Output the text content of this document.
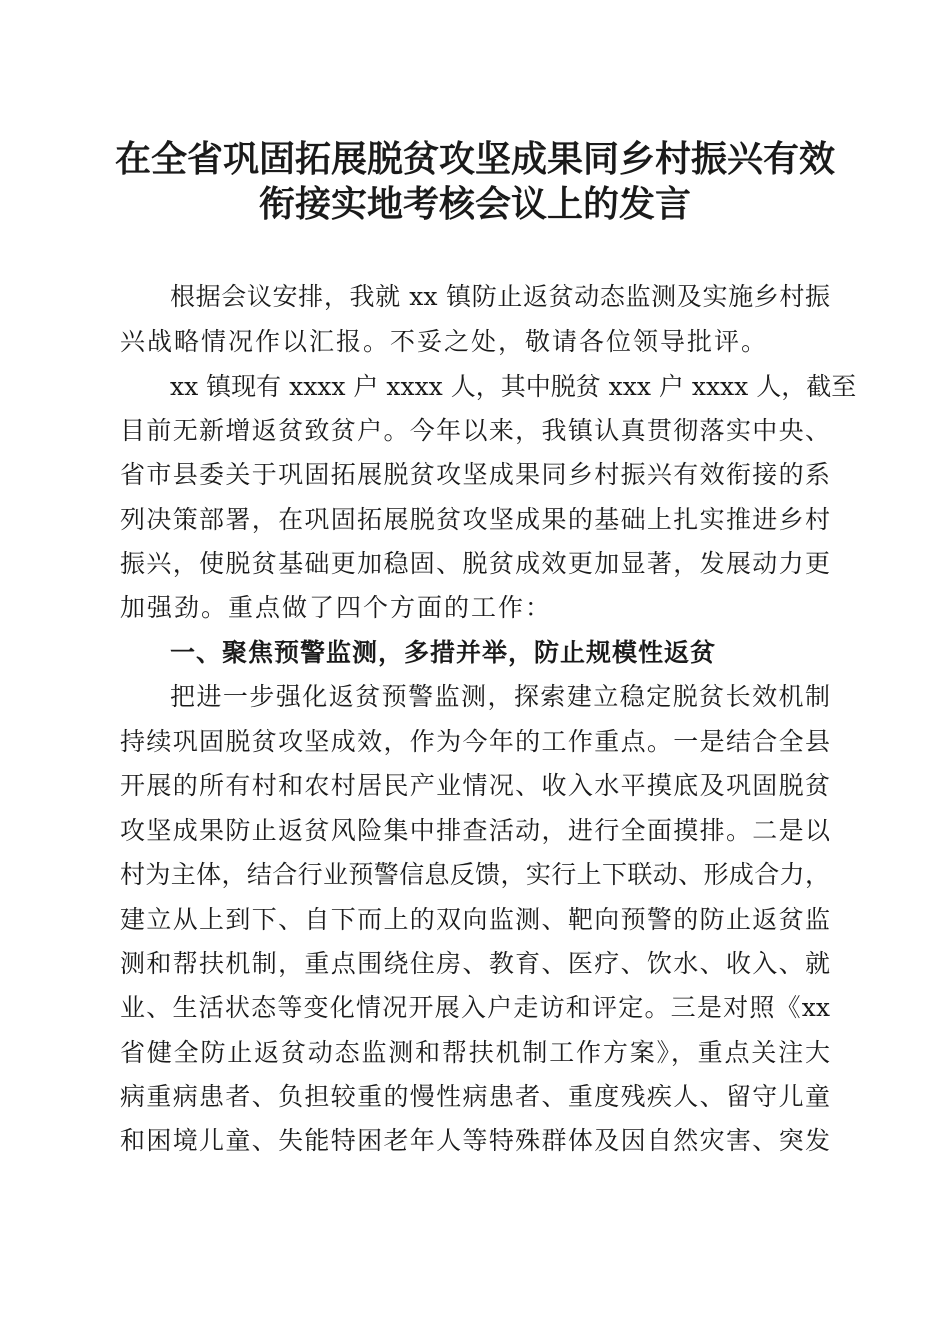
在全省巩固拓展脱贫攻坚成果同乡村振兴有效
衔接实地考核会议上的发言
根据会议安排，我就 xx 镇防止返贫动态监测及实施乡村振
兴战略情况作以汇报。不妥之处，敬请各位领导批评。
xx 镇现有 xxxx 户 xxxx 人，其中脱贫 xxx 户 xxxx 人，截至
目前无新增返贫致贫户。今年以来，我镇认真贯彻落实中央、
省市县委关于巩固拓展脱贫攻坚成果同乡村振兴有效衔接的系
列决策部署，在巩固拓展脱贫攻坚成果的基础上扎实推进乡村
振兴，使脱贫基础更加稳固、脱贫成效更加显著，发展动力更
加强劲。重点做了四个方面的工作：
一、聚焦预警监测，多措并举，防止规模性返贫
把进一步强化返贫预警监测，探索建立稳定脱贫长效机制
持续巩固脱贫攻坚成效，作为今年的工作重点。一是结合全县
开展的所有村和农村居民产业情况、收入水平摸底及巩固脱贫
攻坚成果防止返贫风险集中排查活动，进行全面摸排。二是以
村为主体，结合行业预警信息反馈，实行上下联动、形成合力，
建立从上到下、自下而上的双向监测、靶向预警的防止返贫监
测和帮扶机制，重点围绕住房、教育、医疗、饮水、收入、就
业、生活状态等变化情况开展入户走访和评定。三是对照《xx
省健全防止返贫动态监测和帮扶机制工作方案》，重点关注大
病重病患者、负担较重的慢性病患者、重度残疾人、留守儿童
和困境儿童、失能特困老年人等特殊群体及因自然灾害、突发
